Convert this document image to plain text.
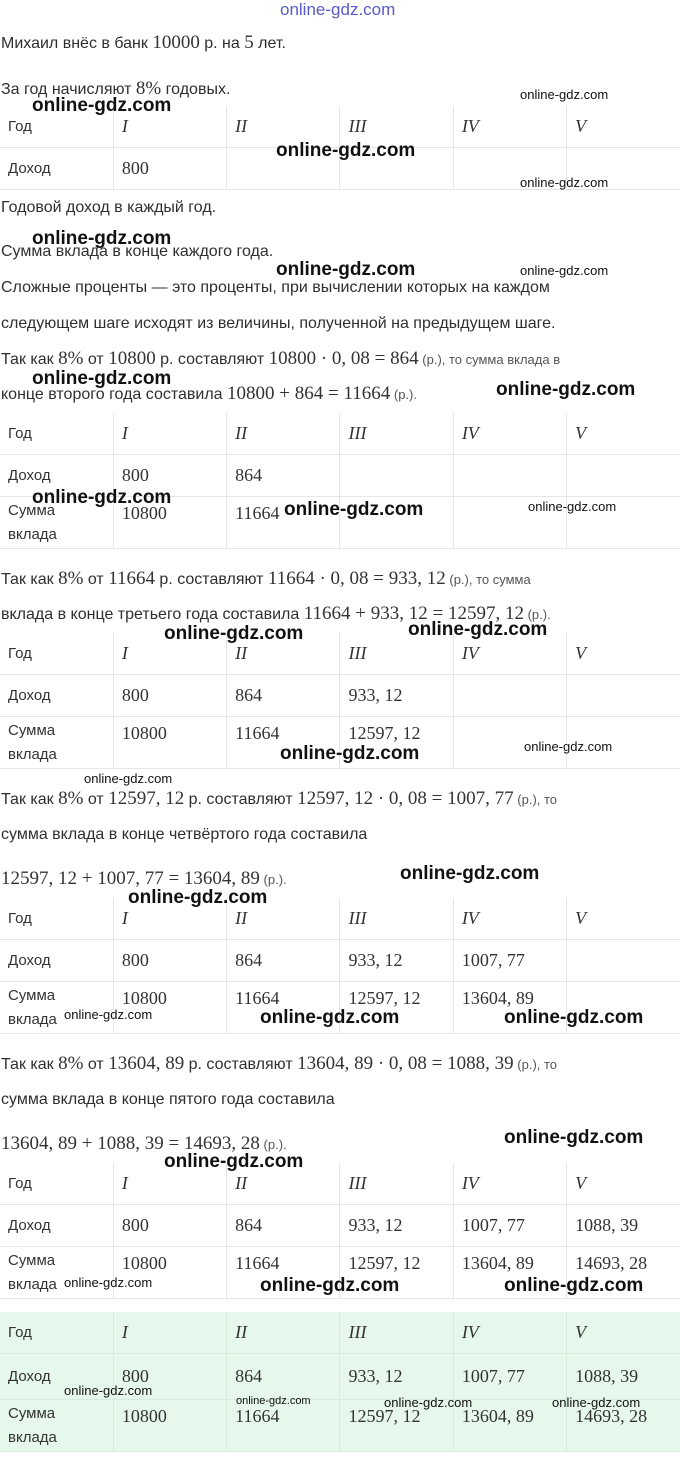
online-gdz.com
Михаил внёс в банк 10000 р. на 5 лет.
За год начисляют 8% годовых.
Год	I	II	III	IV	V
Доход	800				
Годовой доход в каждый год.
Сумма вклада в конце каждого года.
Сложные проценты — это проценты, при вычислении которых на каждом
следующем шаге исходят из величины, полученной на предыдущем шаге.
Так как 8% от 10800 р. составляют 10800 · 0, 08 = 864 (р.), то сумма вклада в
конце второго года составила 10800 + 864 = 11664 (р.).
Год	I	II	III	IV	V
Доход	800	864			
Сумма
вклада	10800	11664			
Так как 8% от 11664 р. составляют 11664 · 0, 08 = 933, 12 (р.), то сумма
вклада в конце третьего года составила 11664 + 933, 12 = 12597, 12 (р.).
Год	I	II	III	IV	V
Доход	800	864	933, 12		
Сумма
вклада	10800	11664	12597, 12		
Так как 8% от 12597, 12 р. составляют 12597, 12 · 0, 08 = 1007, 77 (р.), то
сумма вклада в конце четвёртого года составила
12597, 12 + 1007, 77 = 13604, 89 (р.).
Год	I	II	III	IV	V
Доход	800	864	933, 12	1007, 77	
Сумма
вклада	10800	11664	12597, 12	13604, 89	
Так как 8% от 13604, 89 р. составляют 13604, 89 · 0, 08 = 1088, 39 (р.), то
сумма вклада в конце пятого года составила
13604, 89 + 1088, 39 = 14693, 28 (р.).
Год	I	II	III	IV	V
Доход	800	864	933, 12	1007, 77	1088, 39
Сумма
вклада	10800	11664	12597, 12	13604, 89	14693, 28
Год	I	II	III	IV	V
Доход	800	864	933, 12	1007, 77	1088, 39
Сумма
вклада	10800	11664	12597, 12	13604, 89	14693, 28
online-gdz.com
online-gdz.com
online-gdz.com
online-gdz.com
online-gdz.com
online-gdz.com	online-gdz.com
online-gdz.com
online-gdz.com
online-gdz.com
online-gdz.com	online-gdz.com
online-gdz.com	online-gdz.com
online-gdz.com	online-gdz.com
online-gdz.com
online-gdz.com
online-gdz.com
online-gdz.com	online-gdz.com	online-gdz.com
online-gdz.com
online-gdz.com
online-gdz.com	online-gdz.com	online-gdz.com
online-gdz.com
online-gdz.com	online-gdz.com	online-gdz.com
